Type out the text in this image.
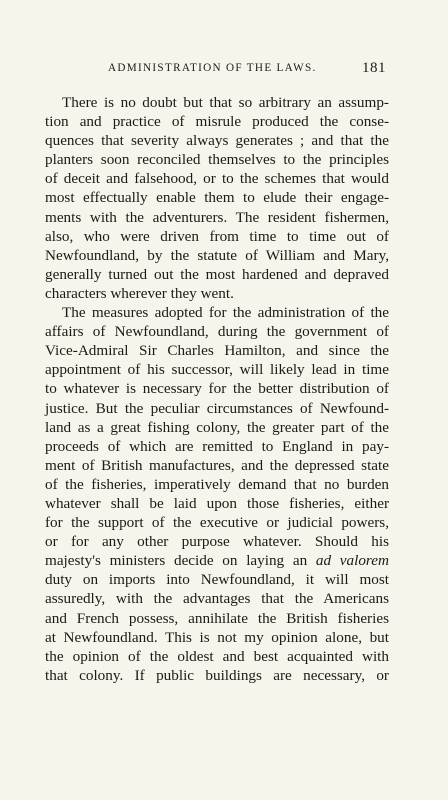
ADMINISTRATION OF THE LAWS.	181
There is no doubt but that so arbitrary an assump-
tion and practice of misrule produced the conse-
quences that severity always generates ; and that the
planters soon reconciled themselves to the principles
of deceit and falsehood, or to the schemes that would
most effectually enable them to elude their engage-
ments with the adventurers. The resident fishermen,
also, who were driven from time to time out of
Newfoundland, by the statute of William and Mary,
generally turned out the most hardened and depraved
characters wherever they went.
The measures adopted for the administration of the
affairs of Newfoundland, during the government of
Vice-Admiral Sir Charles Hamilton, and since the
appointment of his successor, will likely lead in time
to whatever is necessary for the better distribution of
justice. But the peculiar circumstances of Newfound-
land as a great fishing colony, the greater part of the
proceeds of which are remitted to England in pay-
ment of British manufactures, and the depressed state
of the fisheries, imperatively demand that no burden
whatever shall be laid upon those fisheries, either
for the support of the executive or judicial powers,
or for any other purpose whatever. Should his
majesty's ministers decide on laying an ad valorem
duty on imports into Newfoundland, it will most
assuredly, with the advantages that the Americans
and French possess, annihilate the British fisheries
at Newfoundland. This is not my opinion alone, but
the opinion of the oldest and best acquainted with
that colony. If public buildings are necessary, or
